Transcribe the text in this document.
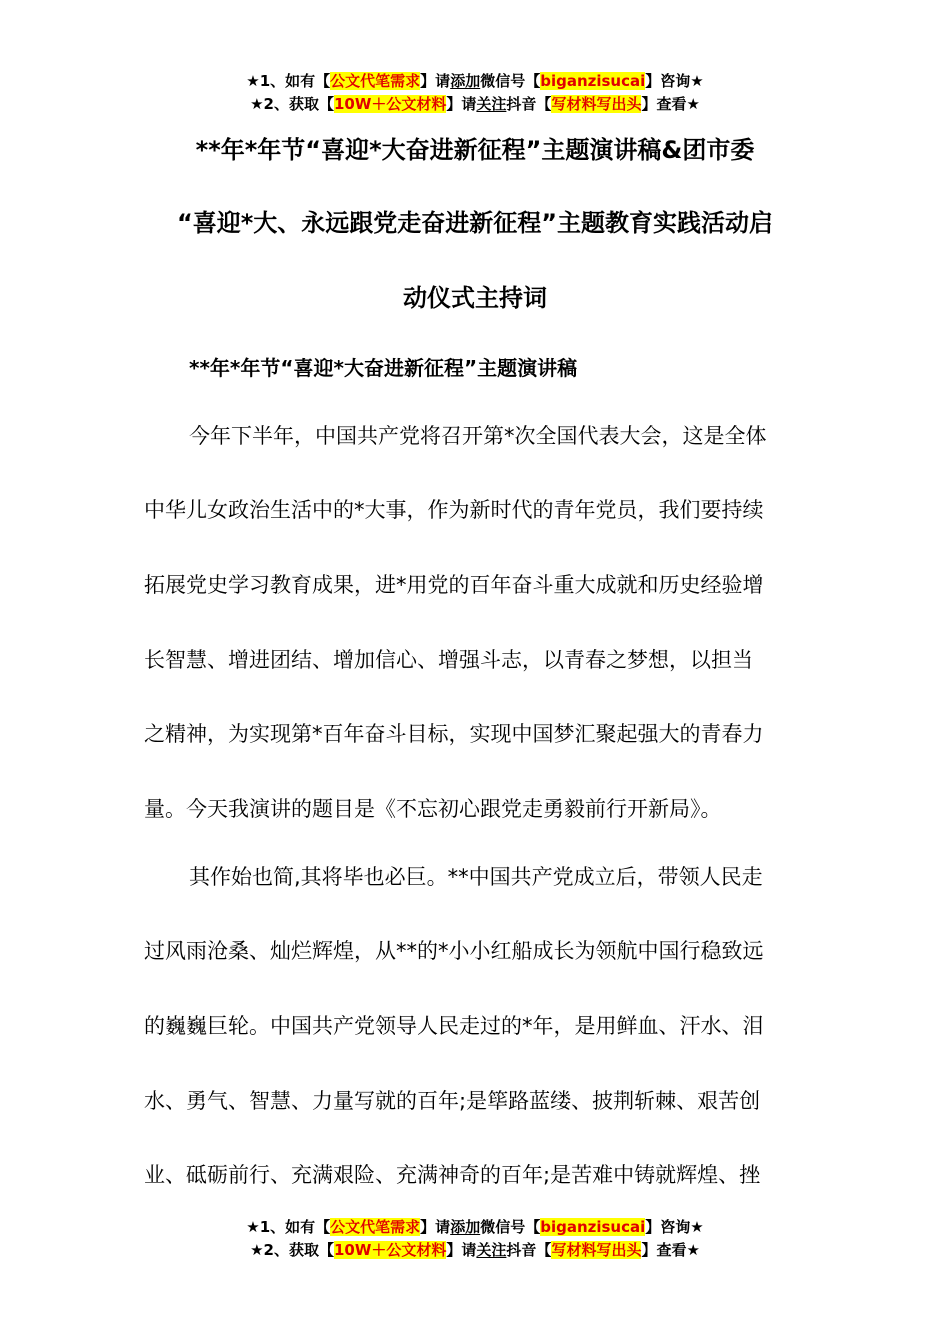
★1、如有【公文代笔需求】请添加微信号【biganzisucai】咨询★
★2、获取【10W＋公文材料】请关注抖音【写材料写出头】查看★
**年*年节“喜迎*大奋进新征程”主题演讲稿&团市委
“喜迎*大、永远跟党走奋进新征程”主题教育实践活动启
动仪式主持词
**年*年节“喜迎*大奋进新征程”主题演讲稿
今年下半年，中国共产党将召开第*次全国代表大会，这是全体
中华儿女政治生活中的*大事，作为新时代的青年党员，我们要持续
拓展党史学习教育成果，进*用党的百年奋斗重大成就和历史经验增
长智慧、增进团结、增加信心、增强斗志，以青春之梦想，以担当
之精神，为实现第*百年奋斗目标，实现中国梦汇聚起强大的青春力
量。今天我演讲的题目是《不忘初心跟党走勇毅前行开新局》。
其作始也简,其将毕也必巨。**中国共产党成立后，带领人民走
过风雨沧桑、灿烂辉煌，从**的*小小红船成长为领航中国行稳致远
的巍巍巨轮。中国共产党领导人民走过的*年，是用鲜血、汗水、泪
水、勇气、智慧、力量写就的百年;是筚路蓝缕、披荆斩棘、艰苦创
业、砥砺前行、充满艰险、充满神奇的百年;是苦难中铸就辉煌、挫
★1、如有【公文代笔需求】请添加微信号【biganzisucai】咨询★
★2、获取【10W＋公文材料】请关注抖音【写材料写出头】查看★
